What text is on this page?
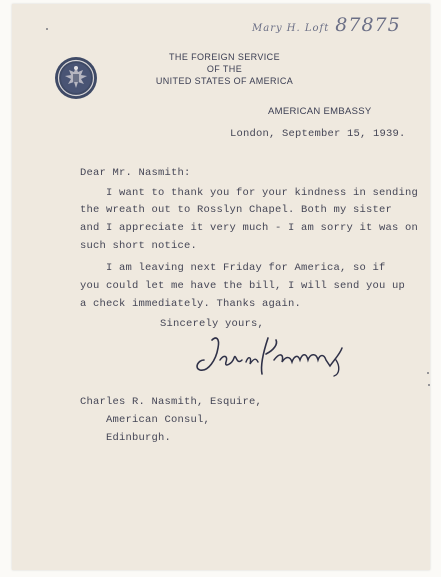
Mary H. Loft 87875
THE FOREIGN SERVICE
OF THE
UNITED STATES OF AMERICA
AMERICAN EMBASSY
London, September 15, 1939.
Dear Mr. Nasmith:
I want to thank you for your kindness in sending
the wreath out to Rosslyn Chapel. Both my sister
and I appreciate it very much - I am sorry it was on
such short notice.
I am leaving next Friday for America, so if
you could let me have the bill, I will send you up
a check immediately. Thanks again.
Sincerely yours,
Charles R. Nasmith, Esquire,
American Consul,
Edinburgh.
